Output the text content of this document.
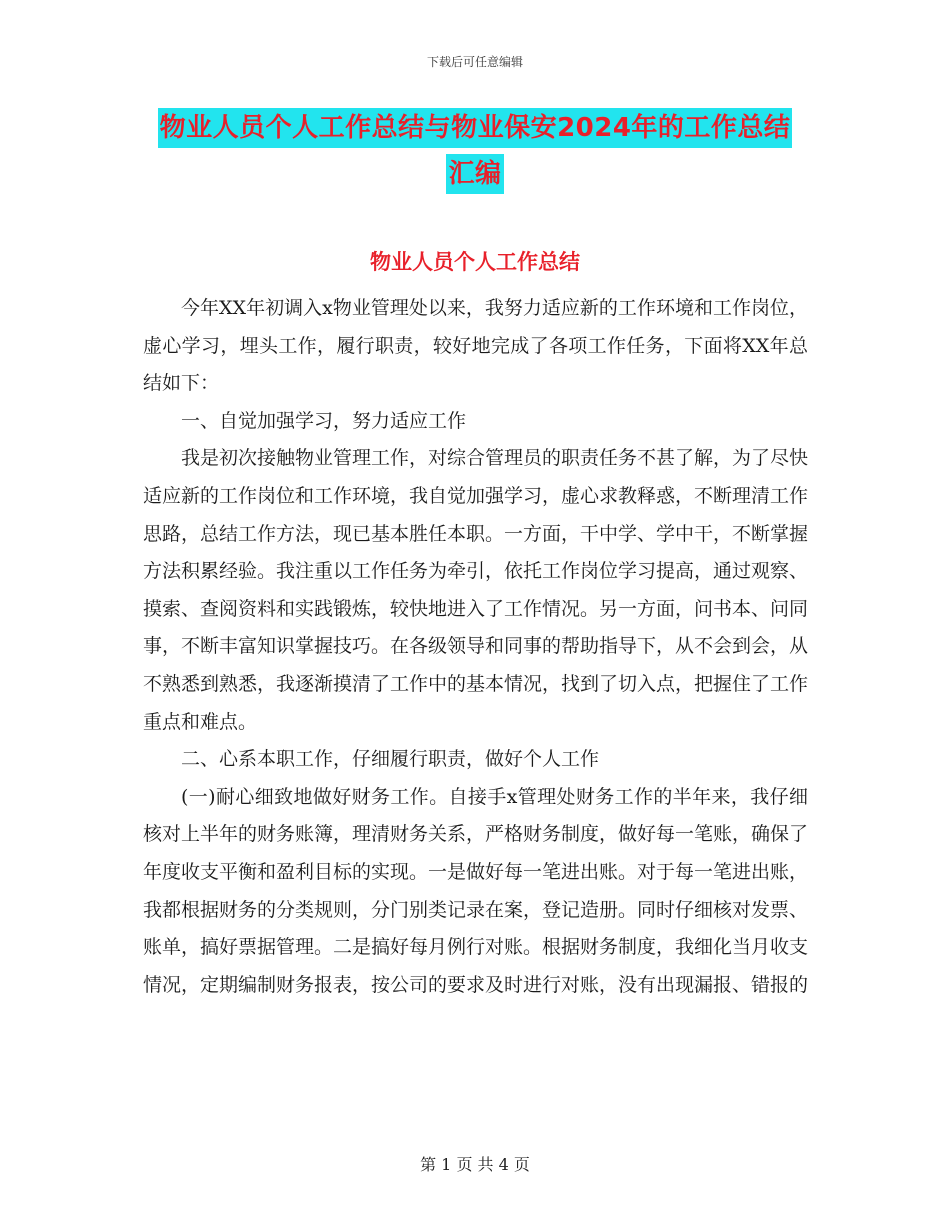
下载后可任意编辑
物业人员个人工作总结与物业保安2024年的工作总结
汇编
物业人员个人工作总结

今年XX年初调入x物业管理处以来，我努力适应新的工作环境和工作岗位，虚心学习，埋头工作，履行职责，较好地完成了各项工作任务，下面将XX年总结如下：

一、自觉加强学习，努力适应工作

我是初次接触物业管理工作，对综合管理员的职责任务不甚了解，为了尽快适应新的工作岗位和工作环境，我自觉加强学习，虚心求教释惑，不断理清工作思路，总结工作方法，现已基本胜任本职。一方面，干中学、学中干，不断掌握方法积累经验。我注重以工作任务为牵引，依托工作岗位学习提高，通过观察、摸索、查阅资料和实践锻炼，较快地进入了工作情况。另一方面，问书本、问同事，不断丰富知识掌握技巧。在各级领导和同事的帮助指导下，从不会到会，从不熟悉到熟悉，我逐渐摸清了工作中的基本情况，找到了切入点，把握住了工作重点和难点。

二、心系本职工作，仔细履行职责，做好个人工作

(一)耐心细致地做好财务工作。自接手x管理处财务工作的半年来，我仔细核对上半年的财务账簿，理清财务关系，严格财务制度，做好每一笔账，确保了年度收支平衡和盈利目标的实现。一是做好每一笔进出账。对于每一笔进出账，我都根据财务的分类规则，分门别类记录在案，登记造册。同时仔细核对发票、账单，搞好票据管理。二是搞好每月例行对账。根据财务制度，我细化当月收支情况，定期编制财务报表，按公司的要求及时进行对账，没有出现漏报、错报的

第 1 页 共 4 页
